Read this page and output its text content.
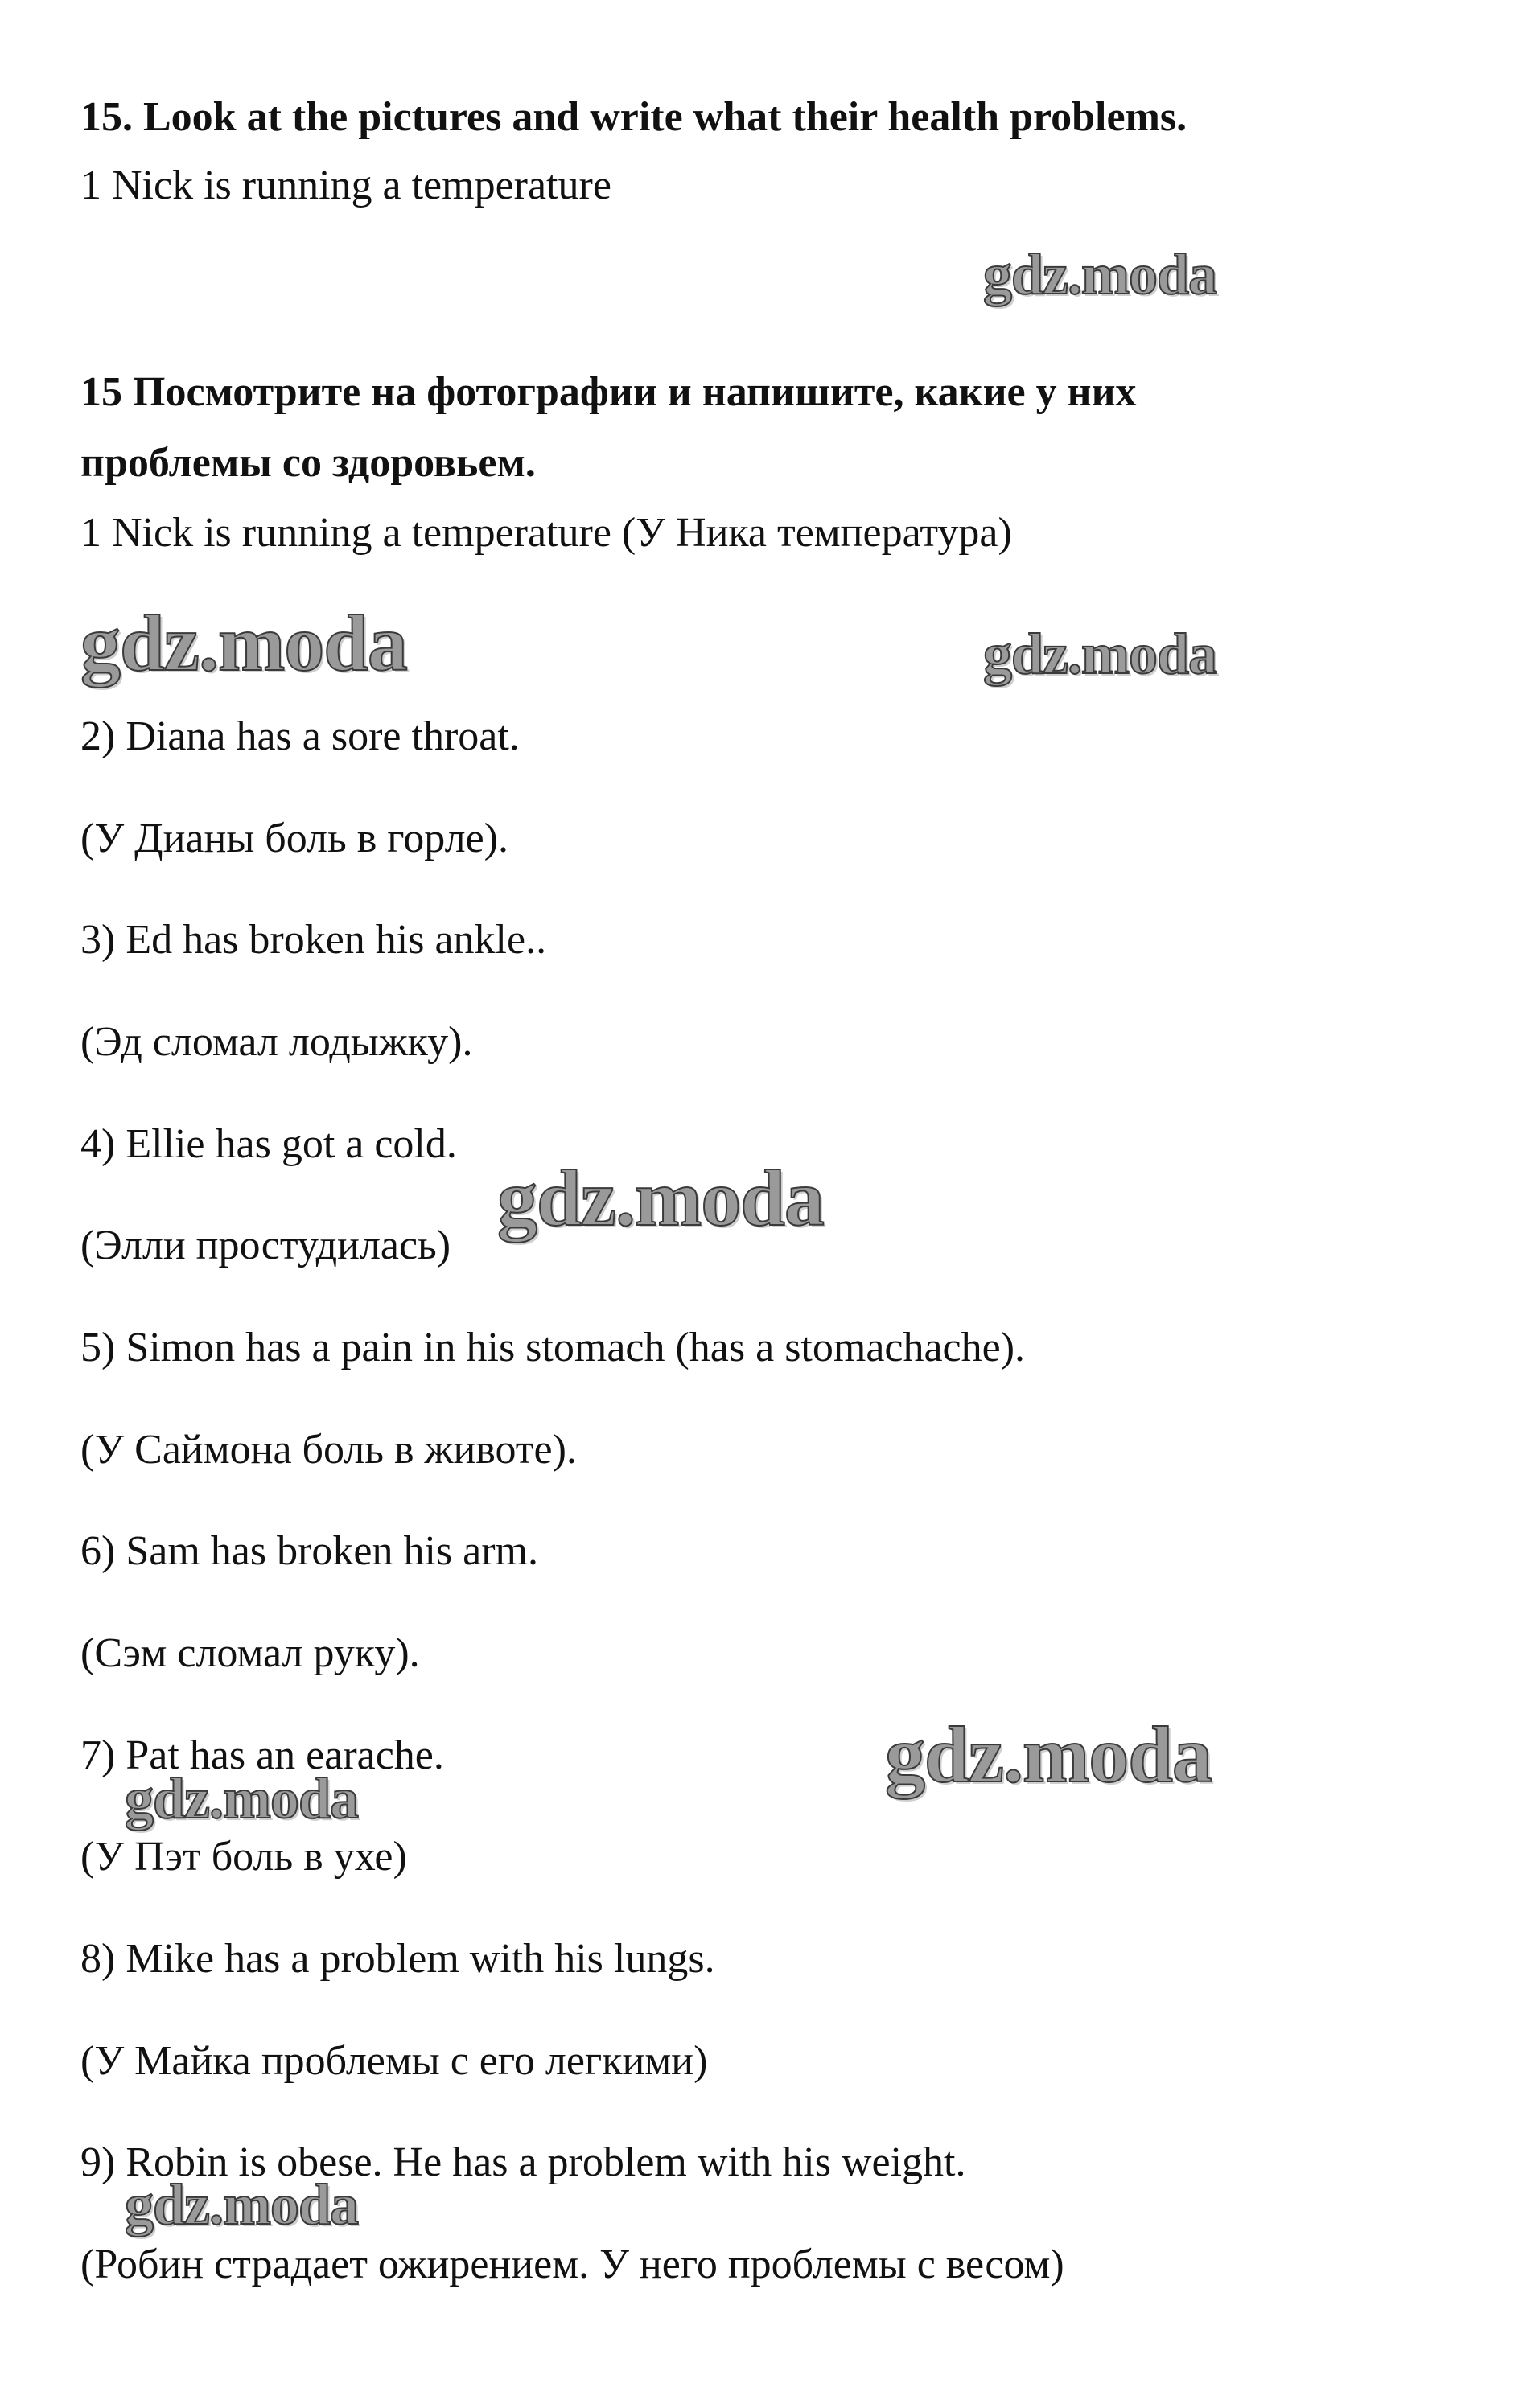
15. Look at the pictures and write what their health problems.
1 Nick is running a temperature
15 Посмотрите на фотографии и напишите, какие у них
проблемы со здоровьем.
1 Nick is running a temperature (У Ника температура)
2) Diana has a sore throat.
(У Дианы боль в горле).
3) Ed has broken his ankle..
(Эд сломал лодыжку).
4) Ellie has got a cold.
(Элли простудилась)
5) Simon has a pain in his stomach (has a stomachache).
(У Саймона боль в животе).
6) Sam has broken his arm.
(Сэм сломал руку).
7) Pat has an earache.
(У Пэт боль в ухе)
8) Mike has a problem with his lungs.
(У Майка проблемы с его легкими)
9) Robin is obese. He has a problem with his weight.
(Робин страдает ожирением. У него проблемы с весом)
gdz.moda
gdz.moda	gdz.moda
gdz.moda
gdz.moda
gdz.moda
gdz.moda
